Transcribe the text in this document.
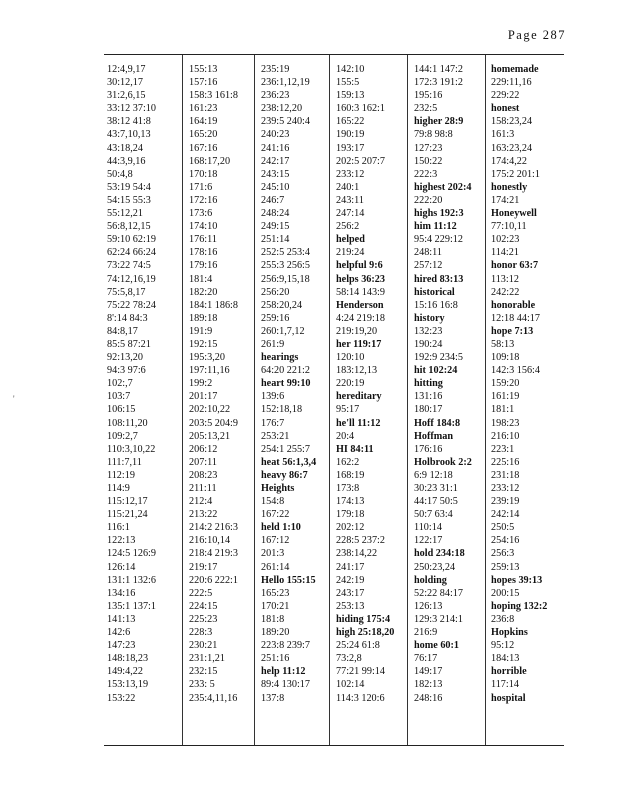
Page 287
'
12:4,9,17
30:12,17
31:2,6,15
33:12 37:10
38:12 41:8
43:7,10,13
43:18,24
44:3,9,16
50:4,8
53:19 54:4
54:15 55:3
55:12,21
56:8,12,15
59:10 62:19
62:24 66:24
73:22 74:5
74:12,16,19
75:5,8,17
75:22 78:24
8':14 84:3
84:8,17
85:5 87:21
92:13,20
94:3 97:6
102:,7
103:7
106:15
108:11,20
109:2,7
110:3,10,22
111:7,11
112:19
114:9
115:12,17
115:21,24
116:1
122:13
124:5 126:9
126:14
131:1 132:6
134:16
135:1 137:1
141:13
142:6
147:23
148:18,23
149:4,22
153:13,19
153:22
155:13
157:16
158:3 161:8
161:23
164:19
165:20
167:16
168:17,20
170:18
171:6
172:16
173:6
174:10
176:11
178:16
179:16
181:4
182:20
184:1 186:8
189:18
191:9
192:15
195:3,20
197:11,16
199:2
201:17
202:10,22
203:5 204:9
205:13,21
206:12
207:11
208:23
211:11
212:4
213:22
214:2 216:3
216:10,14
218:4 219:3
219:17
220:6 222:1
222:5
224:15
225:23
228:3
230:21
231:1,21
232:15
233: 5
235:4,11,16
235:19
236:1,12,19
236:23
238:12,20
239:5 240:4
240:23
241:16
242:17
243:15
245:10
246:7
248:24
249:15
251:14
252:5 253:4
255:3 256:5
256:9,15,18
256:20
258:20,24
259:16
260:1,7,12
261:9
hearings
64:20 221:2
heart 99:10
139:6
152:18,18
176:7
253:21
254:1 255:7
heat 56:1,3,4
heavy 86:7
Heights
154:8
167:22
held 1:10
167:12
201:3
261:14
Hello 155:15
165:23
170:21
181:8
189:20
223:8 239:7
251:16
help 11:12
89:4 130:17
137:8
142:10
155:5
159:13
160:3 162:1
165:22
190:19
193:17
202:5 207:7
233:12
240:1
243:11
247:14
256:2
helped
219:24
helpful 9:6
helps 36:23
58:14 143:9
Henderson
4:24 219:18
219:19,20
her 119:17
120:10
183:12,13
220:19
hereditary
95:17
he'll 11:12
20:4
HI 84:11
162:2
168:19
173:8
174:13
179:18
202:12
228:5 237:2
238:14,22
241:17
242:19
243:17
253:13
hiding 175:4
high 25:18,20
25:24 61:8
73:2,8
77:21 99:14
102:14
114:3 120:6
144:1 147:2
172:3 191:2
195:16
232:5
higher 28:9
79:8 98:8
127:23
150:22
222:3
highest 202:4
222:20
highs 192:3
him 11:12
95:4 229:12
248:11
257:12
hired 83:13
historical
15:16 16:8
history
132:23
190:24
192:9 234:5
hit 102:24
hitting
131:16
180:17
Hoff 184:8
Hoffman
176:16
Holbrook 2:2
6:9 12:18
30:23 31:1
44:17 50:5
50:7 63:4
110:14
122:17
hold 234:18
250:23,24
holding
52:22 84:17
126:13
129:3 214:1
216:9
home 60:1
76:17
149:17
182:13
248:16
homemade
229:11,16
229:22
honest
158:23,24
161:3
163:23,24
174:4,22
175:2 201:1
honestly
174:21
Honeywell
77:10,11
102:23
114:21
honor 63:7
113:12
242:22
honorable
12:18 44:17
hope 7:13
58:13
109:18
142:3 156:4
159:20
161:19
181:1
198:23
216:10
223:1
225:16
231:18
233:12
239:19
242:14
250:5
254:16
256:3
259:13
hopes 39:13
200:15
hoping 132:2
236:8
Hopkins
95:12
184:13
horrible
117:14
hospital
